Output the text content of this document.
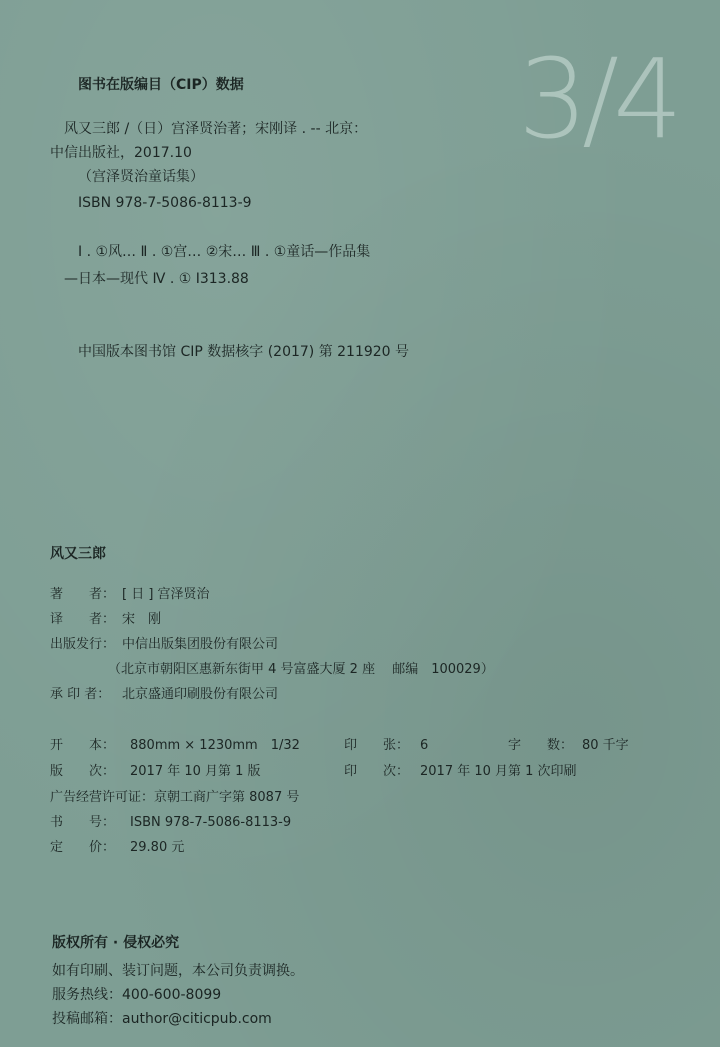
3/4
图书在版编目（CIP）数据
风又三郎 /（日）宫泽贤治著；宋刚译 . -- 北京：
中信出版社，2017.10
（宫泽贤治童话集）
ISBN 978-7-5086-8113-9
Ⅰ . ①风… Ⅱ . ①宫… ②宋… Ⅲ . ①童话—作品集
—日本—现代 Ⅳ . ① I313.88
中国版本图书馆 CIP 数据核字 (2017) 第 211920 号
风又三郎
著　　者： [ 日 ] 宫泽贤治
译　　者： 宋　刚
出版发行： 中信出版集团股份有限公司
（北京市朝阳区惠新东街甲 4 号富盛大厦 2 座　 邮编　100029）
承 印 者： 北京盛通印刷股份有限公司
开　　本： 880mm × 1230mm　1/32	印　　张： 6	字　　数： 80 千字
版　　次： 2017 年 10 月第 1 版	印　　次： 2017 年 10 月第 1 次印刷
广告经营许可证：京朝工商广字第 8087 号
书　　号： ISBN 978-7-5086-8113-9
定　　价： 29.80 元
版权所有 · 侵权必究
如有印刷、装订问题，本公司负责调换。
服务热线：400-600-8099
投稿邮箱：author@citicpub.com
